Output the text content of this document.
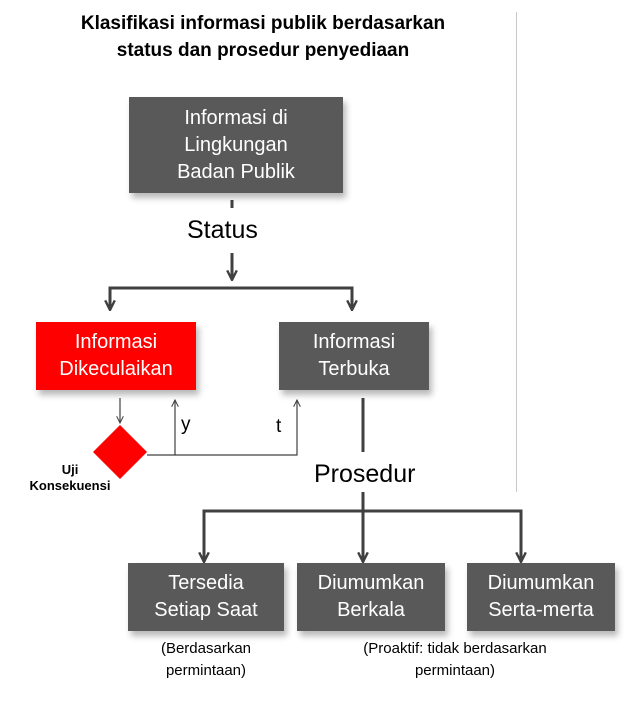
Klasifikasi informasi publik berdasarkan
status dan prosedur penyediaan
Informasi di
Lingkungan
Badan Publik
Status
Informasi
Dikeculaikan
Informasi
Terbuka
y	t
Uji
Konsekuensi	Prosedur
Tersedia
Setiap Saat
Diumumkan
Berkala
Diumumkan
Serta-merta
(Berdasarkan
permintaan)
(Proaktif: tidak berdasarkan
permintaan)
